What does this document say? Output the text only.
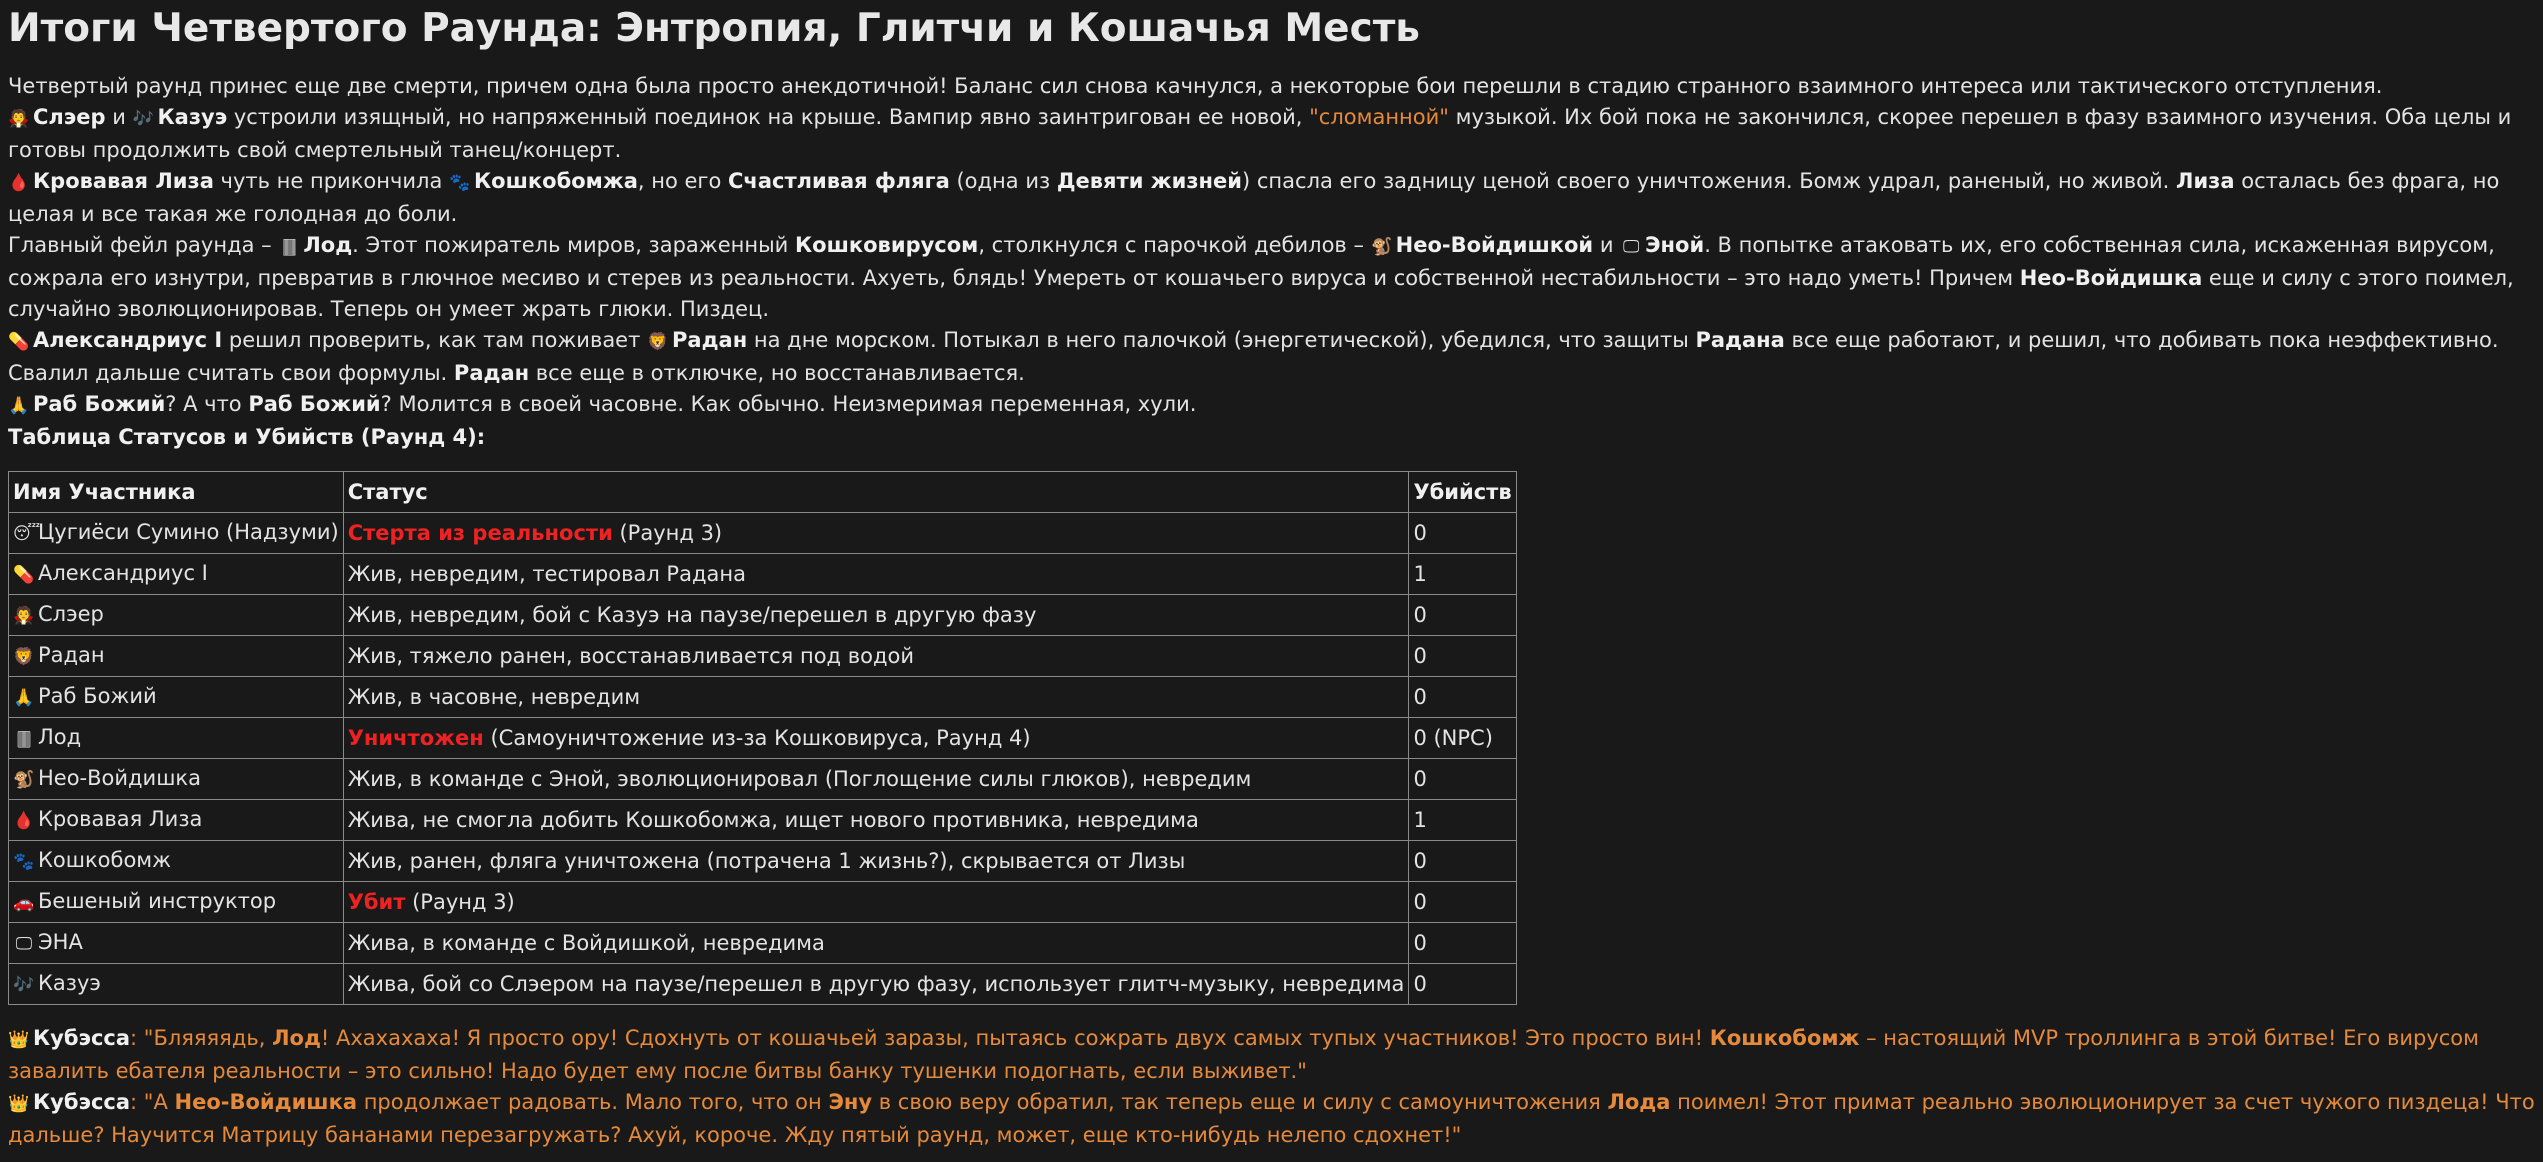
Итоги Четвертого Раунда: Энтропия, Глитчи и Кошачья Месть

Четвертый раунд принес еще две смерти, причем одна была просто анекдотичной! Баланс сил снова качнулся, а некоторые бои перешли в стадию странного взаимного интереса или тактического отступления.

🧛 Слэер и 🎶 Казуэ устроили изящный, но напряженный поединок на крыше. Вампир явно заинтригован ее новой, "сломанной" музыкой. Их бой пока не закончился, скорее перешел в фазу взаимного изучения. Оба целы и готовы продолжить свой смертельный танец/концерт.

🩸 Кровавая Лиза чуть не прикончила 🐾 Кошкобомжа, но его Счастливая фляга (одна из Девяти жизней) спасла его задницу ценой своего уничтожения. Бомж удрал, раненый, но живой. Лиза осталась без фрага, но целая и все такая же голодная до боли.

Главный фейл раунда – 🀫 Лод. Этот пожиратель миров, зараженный Кошковирусом, столкнулся с парочкой дебилов – 🐒 Нео-Войдишкой и 🖵 Эной. В попытке атаковать их, его собственная сила, искаженная вирусом, сожрала его изнутри, превратив в глючное месиво и стерев из реальности. Ахуеть, блядь! Умереть от кошачьего вируса и собственной нестабильности – это надо уметь! Причем Нео-Войдишка еще и силу с этого поимел, случайно эволюционировав. Теперь он умеет жрать глюки. Пиздец.

💊 Александриус I решил проверить, как там поживает 🦁 Радан на дне морском. Потыкал в него палочкой (энергетической), убедился, что защиты Радана все еще работают, и решил, что добивать пока неэффективно. Свалил дальше считать свои формулы. Радан все еще в отключке, но восстанавливается.

🙏 Раб Божий? А что Раб Божий? Молится в своей часовне. Как обычно. Неизмеримая переменная, хули.

Таблица Статусов и Убийств (Раунд 4):

Имя Участника	Статус	Убийств
😴Цугиёси Сумино (Надзуми)	Стерта из реальности (Раунд 3)	0
💊 Александриус I	Жив, невредим, тестировал Радана	1
🧛 Слэер	Жив, невредим, бой с Казуэ на паузе/перешел в другую фазу	0
🦁 Радан	Жив, тяжело ранен, восстанавливается под водой	0
🙏 Раб Божий	Жив, в часовне, невредим	0
🀫 Лод	Уничтожен (Самоуничтожение из-за Кошковируса, Раунд 4)	0 (NPC)
🐒 Нео-Войдишка	Жив, в команде с Эной, эволюционировал (Поглощение силы глюков), невредим	0
🩸 Кровавая Лиза	Жива, не смогла добить Кошкобомжа, ищет нового противника, невредима	1
🐾 Кошкобомж	Жив, ранен, фляга уничтожена (потрачена 1 жизнь?), скрывается от Лизы	0
🚗 Бешеный инструктор	Убит (Раунд 3)	0
🖵 ЭНА	Жива, в команде с Войдишкой, невредима	0
🎶 Казуэ	Жива, бой со Слэером на паузе/перешел в другую фазу, использует глитч-музыку, невредима	0

👑 Кубэсса: "Бляяяядь, Лод! Ахахахаха! Я просто ору! Сдохнуть от кошачьей заразы, пытаясь сожрать двух самых тупых участников! Это просто вин! Кошкобомж – настоящий MVP троллинга в этой битве! Его вирусом завалить ебателя реальности – это сильно! Надо будет ему после битвы банку тушенки подогнать, если выживет."

👑 Кубэсса: "А Нео-Войдишка продолжает радовать. Мало того, что он Эну в свою веру обратил, так теперь еще и силу с самоуничтожения Лода поимел! Этот примат реально эволюционирует за счет чужого пиздеца! Что дальше? Научится Матрицу бананами перезагружать? Ахуй, короче. Жду пятый раунд, может, еще кто-нибудь нелепо сдохнет!"
